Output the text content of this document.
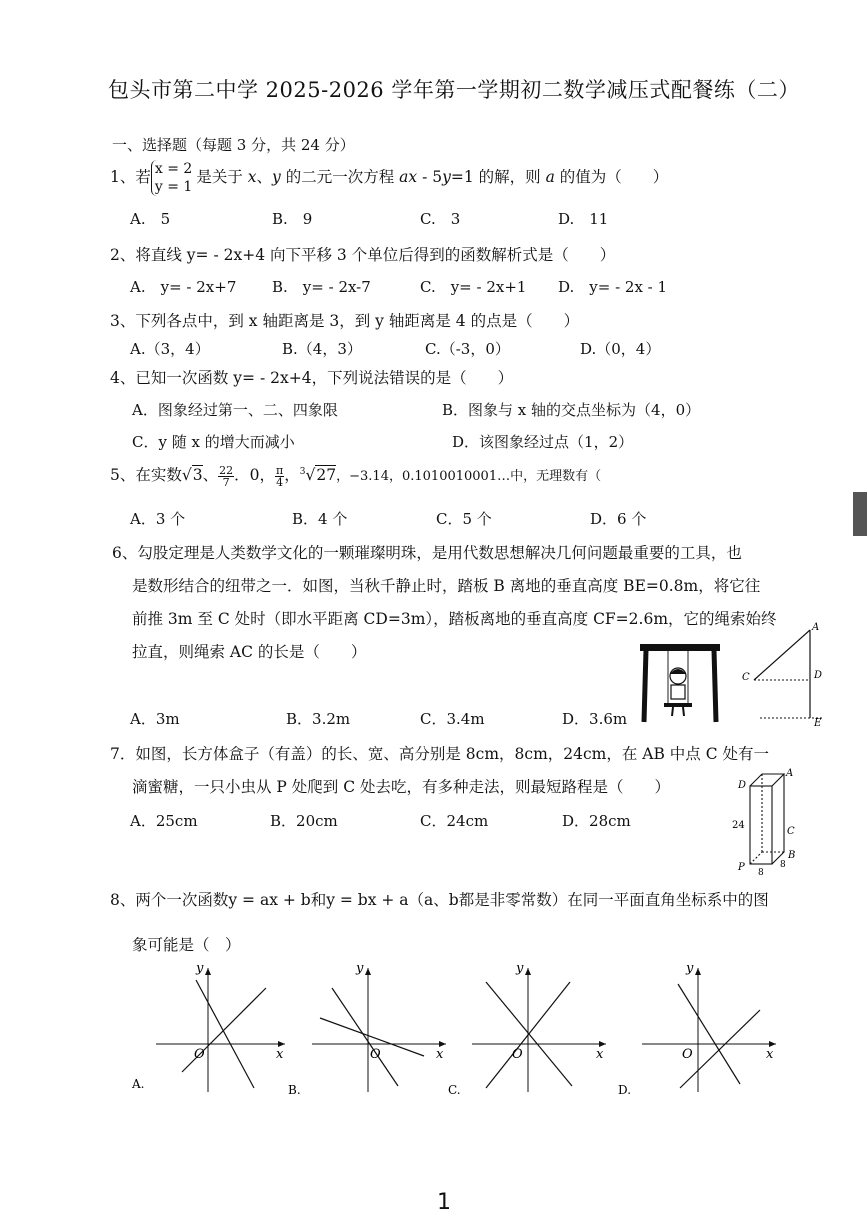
包头市第二中学 2025-2026 学年第一学期初二数学减压式配餐练（二）
一、选择题（每题 3 分，共 24 分）
1、若 x = 2
y = 1是关于 x、y 的二元一次方程 ax - 5y=1 的解，则 a 的值为（　　）
A.　5	B.　9	C.　3	D.　11
2、将直线 y= - 2x+4 向下平移 3 个单位后得到的函数解析式是（　　）
A.　y= - 2x+7 B.　y= - 2x-7	C.　y= - 2x+1 D.　y= - 2x - 1
3、下列各点中，到 x 轴距离是 3，到 y 轴距离是 4 的点是（　　）
A.（3，4）	B.（4，3）	C.（-3，0）	D.（0，4）
4、已知一次函数 y= - 2x+4，下列说法错误的是（　　）
A．图象经过第一、二、四象限	B．图象与 x 轴的交点坐标为（4，0）
C．y 随 x 的增大而减小	D．该图象经过点（1，2）
5、在实数√3、 $\frac{22}{7}$ ．0， $\frac{\pi}{4}$ ，$^3$√27，−3.14，0.1010010001…中，无理数有（
A．3 个	B．4 个	C．5 个	D．6 个
6、勾股定理是人类数学文化的一颗璀璨明珠，是用代数思想解决几何问题最重要的工具，也
是数形结合的纽带之一．如图，当秋千静止时，踏板 B 离地的垂直高度 BE=0.8m，将它往
前推 3m 至 C 处时（即水平距离 CD=3m），踏板离地的垂直高度 CF=2.6m，它的绳索始终
拉直，则绳索 AC 的长是（　　）
A．3m	B．3.2m	C．3.4m	D．3.6m
A
C	D
E
7．如图，长方体盒子（有盖）的长、宽、高分别是 8cm，8cm，24cm，在 AB 中点 C 处有一
滴蜜糖，一只小虫从 P 处爬到 C 处去吃，有多种走法，则最短路程是（　　）
A．25cm	B．20cm	C．24cm	D．28cm
A
D
C
B
P
24
8
8
8、两个一次函数y = ax + b和y = bx + a（a、b都是非零常数）在同一平面直角坐标系中的图
象可能是（　）
y
x
O
A.
y
x
O
B.
y
x
O
C.
y
x
O
D.
1
